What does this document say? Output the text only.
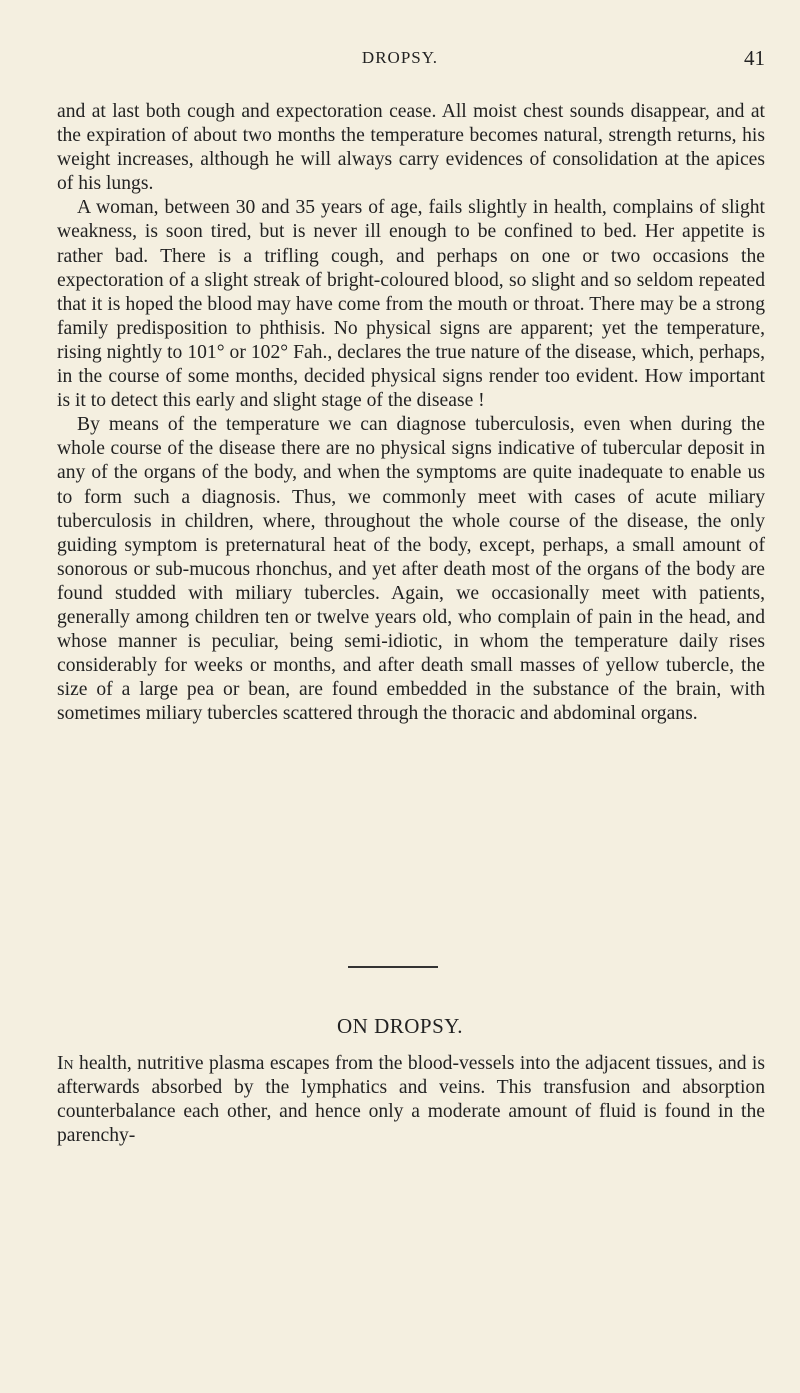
DROPSY.	41

and at last both cough and expectoration cease. All moist chest sounds disappear, and at the expiration of about two months the temperature becomes natural, strength returns, his weight increases, although he will always carry evidences of consolidation at the apices of his lungs.

A woman, between 30 and 35 years of age, fails slightly in health, complains of slight weakness, is soon tired, but is never ill enough to be confined to bed. Her appetite is rather bad. There is a trifling cough, and perhaps on one or two occasions the expectoration of a slight streak of bright-coloured blood, so slight and so seldom repeated that it is hoped the blood may have come from the mouth or throat. There may be a strong family predisposition to phthisis. No physical signs are apparent; yet the temperature, rising nightly to 101° or 102° Fah., declares the true nature of the disease, which, perhaps, in the course of some months, decided physical signs render too evident. How important is it to detect this early and slight stage of the disease !

By means of the temperature we can diagnose tuberculosis, even when during the whole course of the disease there are no physical signs indicative of tubercular deposit in any of the organs of the body, and when the symptoms are quite inadequate to enable us to form such a diagnosis. Thus, we commonly meet with cases of acute miliary tuberculosis in children, where, throughout the whole course of the disease, the only guiding symptom is preternatural heat of the body, except, perhaps, a small amount of sonorous or sub-mucous rhonchus, and yet after death most of the organs of the body are found studded with miliary tubercles. Again, we occasionally meet with patients, generally among children ten or twelve years old, who complain of pain in the head, and whose manner is peculiar, being semi-idiotic, in whom the temperature daily rises considerably for weeks or months, and after death small masses of yellow tubercle, the size of a large pea or bean, are found embedded in the substance of the brain, with sometimes miliary tubercles scattered through the thoracic and abdominal organs.

ON DROPSY.

In health, nutritive plasma escapes from the blood-vessels into the adjacent tissues, and is afterwards absorbed by the lymphatics and veins. This transfusion and absorption counterbalance each other, and hence only a moderate amount of fluid is found in the parenchy-
